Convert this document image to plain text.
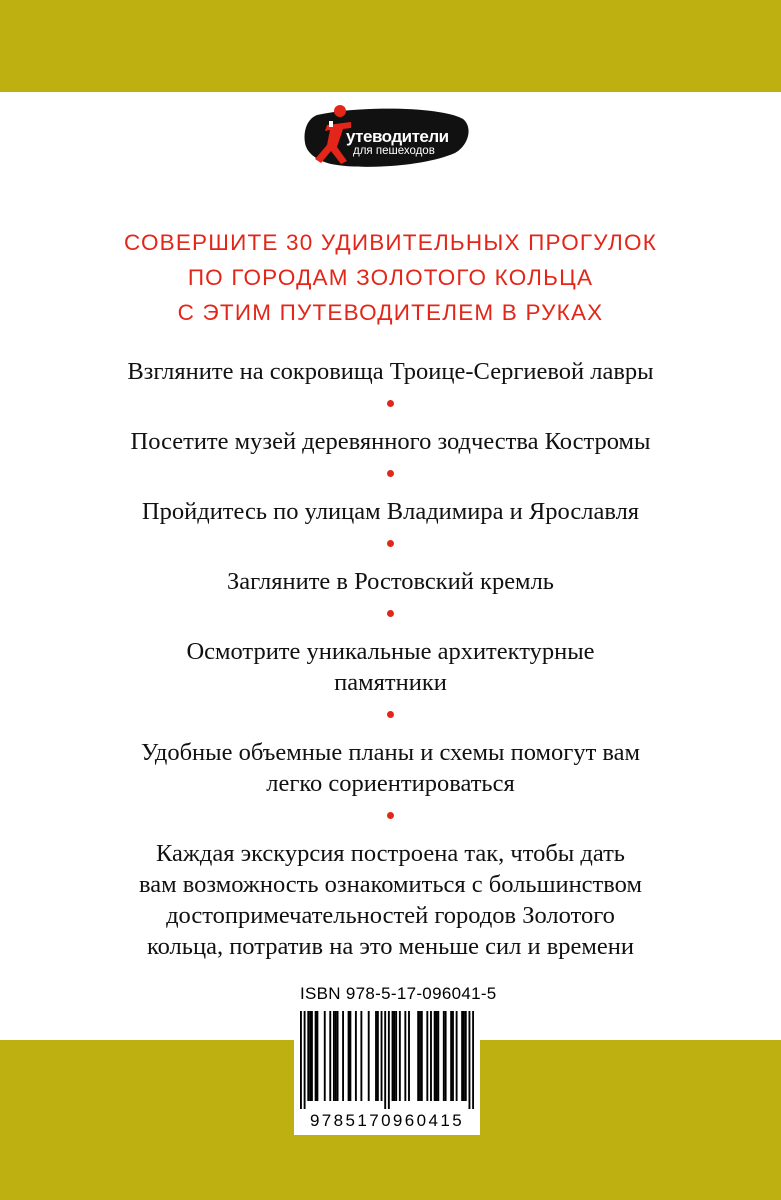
утеводители
для пешеходов
СОВЕРШИТЕ 30 УДИВИТЕЛЬНЫХ ПРОГУЛОК
ПО ГОРОДАМ ЗОЛОТОГО КОЛЬЦА
С ЭТИМ ПУТЕВОДИТЕЛЕМ В РУКАХ
Взгляните на сокровища Троице-Сергиевой лавры
Посетите музей деревянного зодчества Костромы
Пройдитесь по улицам Владимира и Ярославля
Загляните в Ростовский кремль
Осмотрите уникальные архитектурные
памятники
Удобные объемные планы и схемы помогут вам
легко сориентироваться
Каждая экскурсия построена так, чтобы дать
вам возможность ознакомиться с большинством
достопримечательностей городов Золотого
кольца, потратив на это меньше сил и времени
ISBN 978-5-17-096041-5
9785170960415
